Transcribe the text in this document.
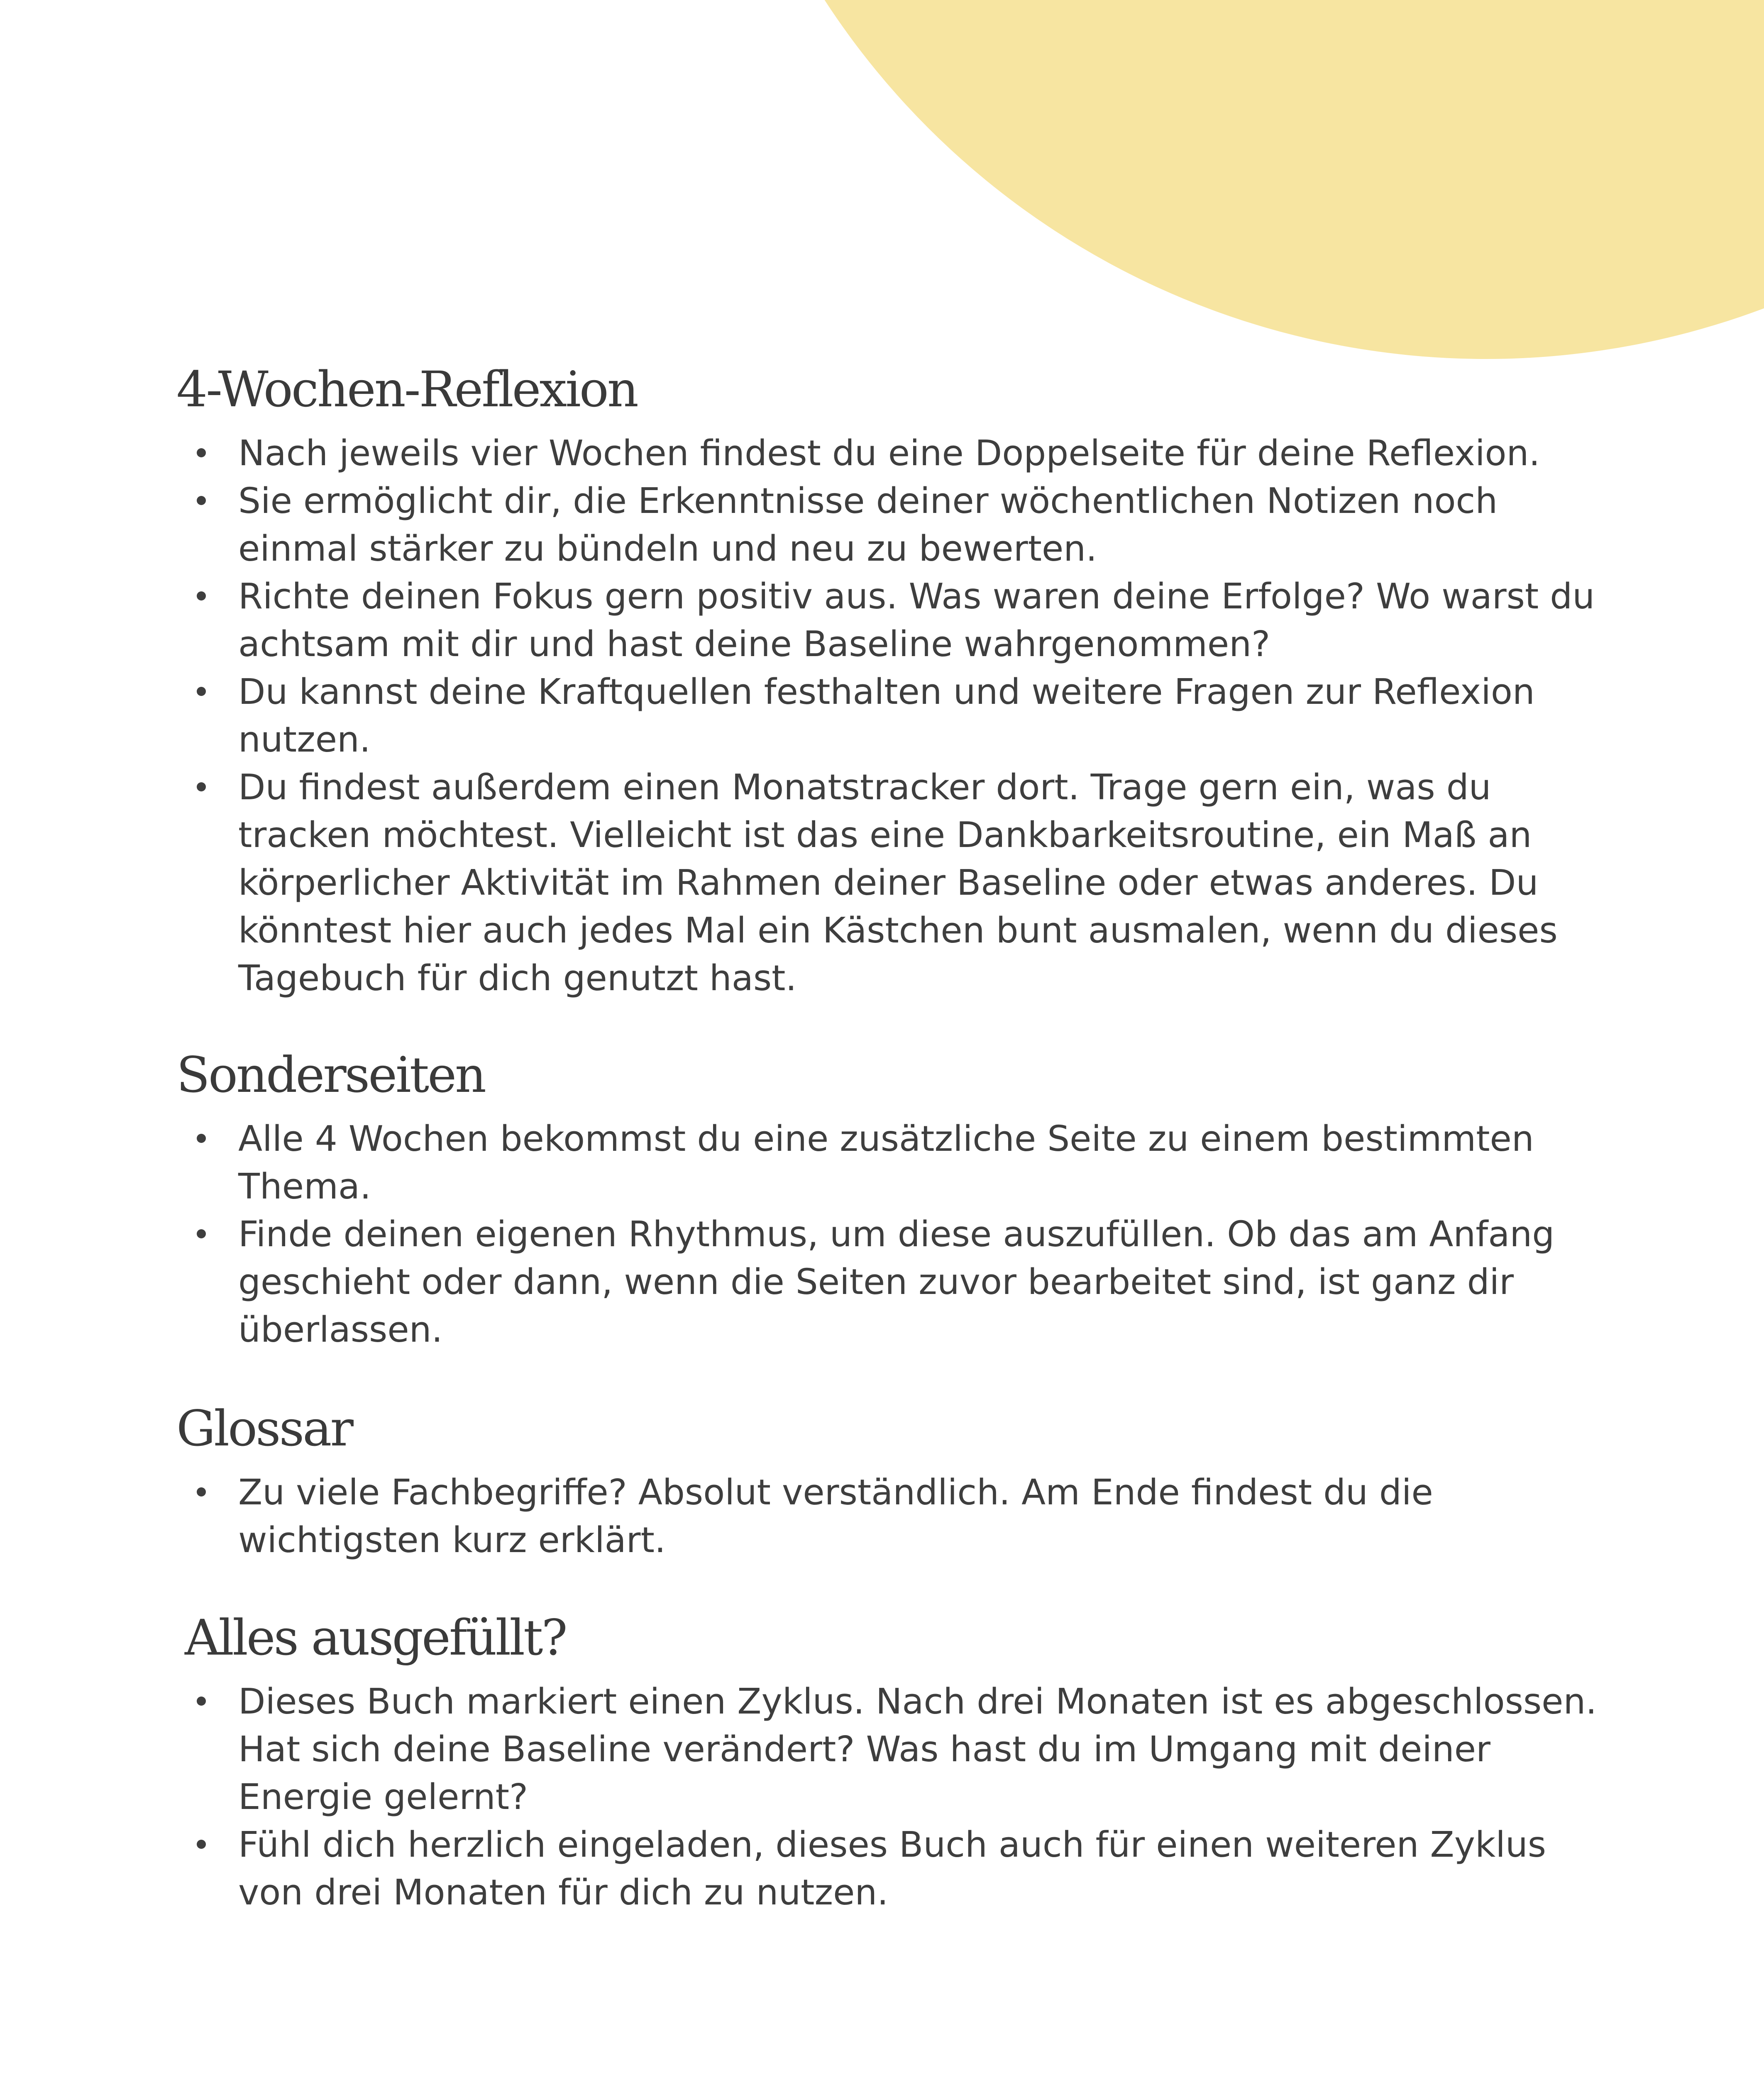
4-Wochen-Reflexion
Nach jeweils vier Wochen findest du eine Doppelseite für deine Reflexion.
Sie ermöglicht dir, die Erkenntnisse deiner wöchentlichen Notizen noch einmal stärker zu bündeln und neu zu bewerten.
Richte deinen Fokus gern positiv aus. Was waren deine Erfolge? Wo warst du achtsam mit dir und hast deine Baseline wahrgenommen?
Du kannst deine Kraftquellen festhalten und weitere Fragen zur Reflexion nutzen.
Du findest außerdem einen Monatstracker dort. Trage gern ein, was du tracken möchtest. Vielleicht ist das eine Dankbarkeitsroutine, ein Maß an körperlicher Aktivität im Rahmen deiner Baseline oder etwas anderes. Du könntest hier auch jedes Mal ein Kästchen bunt ausmalen, wenn du dieses Tagebuch für dich genutzt hast.
Sonderseiten
Alle 4 Wochen bekommst du eine zusätzliche Seite zu einem bestimmten Thema.
Finde deinen eigenen Rhythmus, um diese auszufüllen. Ob das am Anfang geschieht oder dann, wenn die Seiten zuvor bearbeitet sind, ist ganz dir überlassen.
Glossar
Zu viele Fachbegriffe? Absolut verständlich. Am Ende findest du die wichtigsten kurz erklärt.
Alles ausgefüllt?
Dieses Buch markiert einen Zyklus. Nach drei Monaten ist es abgeschlossen. Hat sich deine Baseline verändert? Was hast du im Umgang mit deiner Energie gelernt?
Fühl dich herzlich eingeladen, dieses Buch auch für einen weiteren Zyklus von drei Monaten für dich zu nutzen.
